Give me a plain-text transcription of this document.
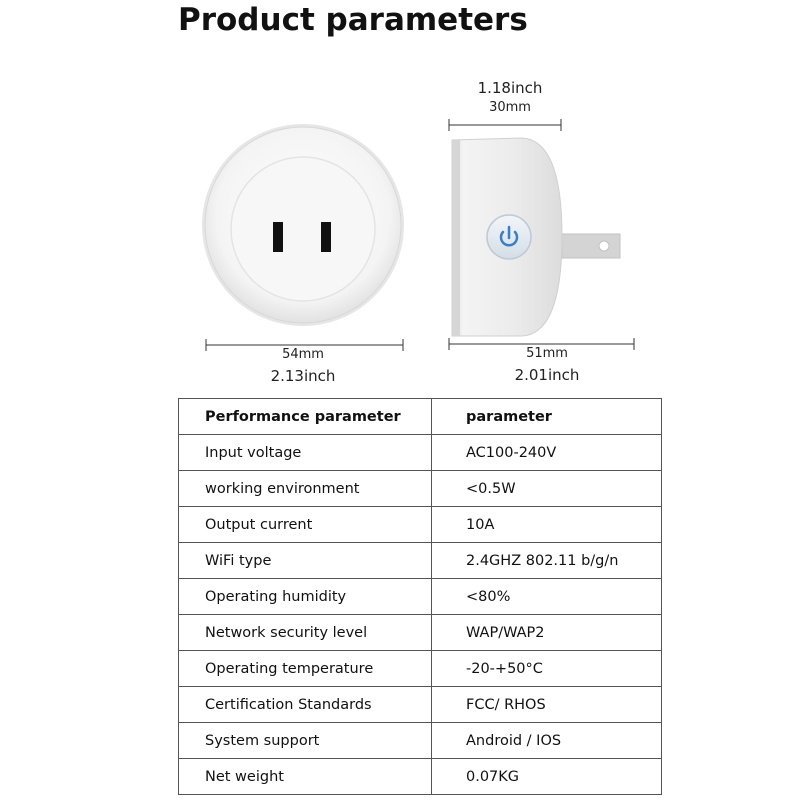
Product parameters
1.18inch
30mm
54mm
2.13inch
51mm
2.01inch
Performance parameter	parameter
Input voltage	AC100-240V
working environment	<0.5W
Output current	10A
WiFi type	2.4GHZ 802.11 b/g/n
Operating humidity	<80%
Network security level	WAP/WAP2
Operating temperature	-20-+50°C
Certification Standards	FCC/ RHOS
System support	Android / IOS
Net weight	0.07KG
